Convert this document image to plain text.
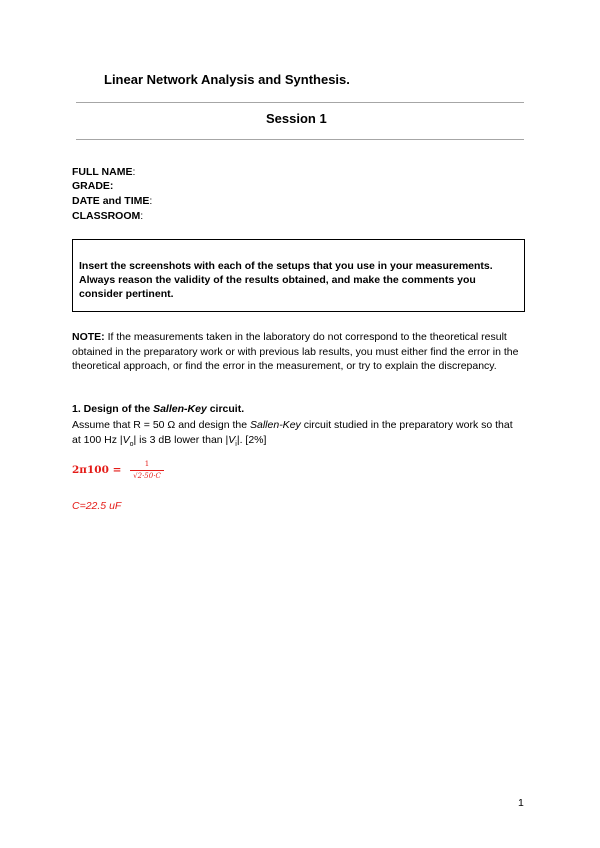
Linear Network Analysis and Synthesis.
Session 1
FULL NAME:
GRADE:
DATE and TIME:
CLASSROOM:
Insert the screenshots with each of the setups that you use in your measurements.
Always reason the validity of the results obtained, and make the comments you
consider pertinent.
NOTE: If the measurements taken in the laboratory do not correspond to the theoretical result obtained in the preparatory work or with previous lab results, you must either find the error in the theoretical approach, or find the error in the measurement, or try to explain the discrepancy.
1. Design of the Sallen-Key circuit.
Assume that R = 50 Ω and design the Sallen-Key circuit studied in the preparatory work so that at 100 Hz $|V_o|$ is 3 dB lower than $|V_i|$. [2%]
2π100 =	1
√2·50·C
C=22.5 uF
1
